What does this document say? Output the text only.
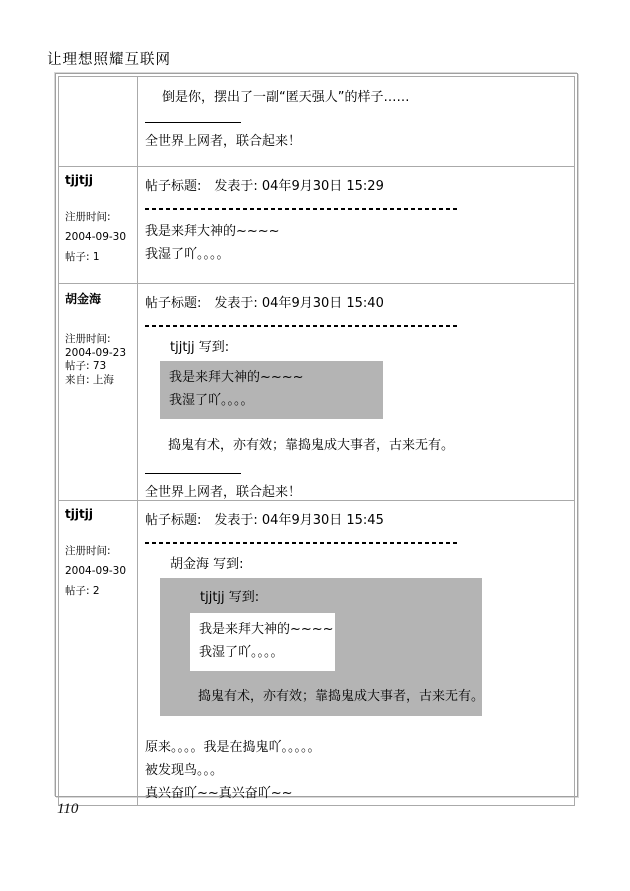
让理想照耀互联网

	倒是你，摆出了一副“匿天强人”的样子……
全世界上网者，联合起来！

tjjtjj
注册时间:
2004-09-30
帖子: 1

帖子标题: 发表于: 04年9月30日 15:29
我是来拜大神的~~~~
我湿了吖。。。。

胡金海
注册时间:
2004-09-23
帖子: 73
来自: 上海

帖子标题: 发表于: 04年9月30日 15:40
tjjtjj 写到:
我是来拜大神的~~~~
我湿了吖。。。。
捣鬼有术，亦有效；靠捣鬼成大事者，古来无有。
全世界上网者，联合起来！

tjjtjj
注册时间:
2004-09-30
帖子: 2

帖子标题: 发表于: 04年9月30日 15:45
胡金海 写到:
tjjtjj 写到:
我是来拜大神的~~~~
我湿了吖。。。。
捣鬼有术，亦有效；靠捣鬼成大事者，古来无有。
原来。。。。我是在捣鬼吖。。。。。
被发现鸟。。。
真兴奋吖~~真兴奋吖~~
110
